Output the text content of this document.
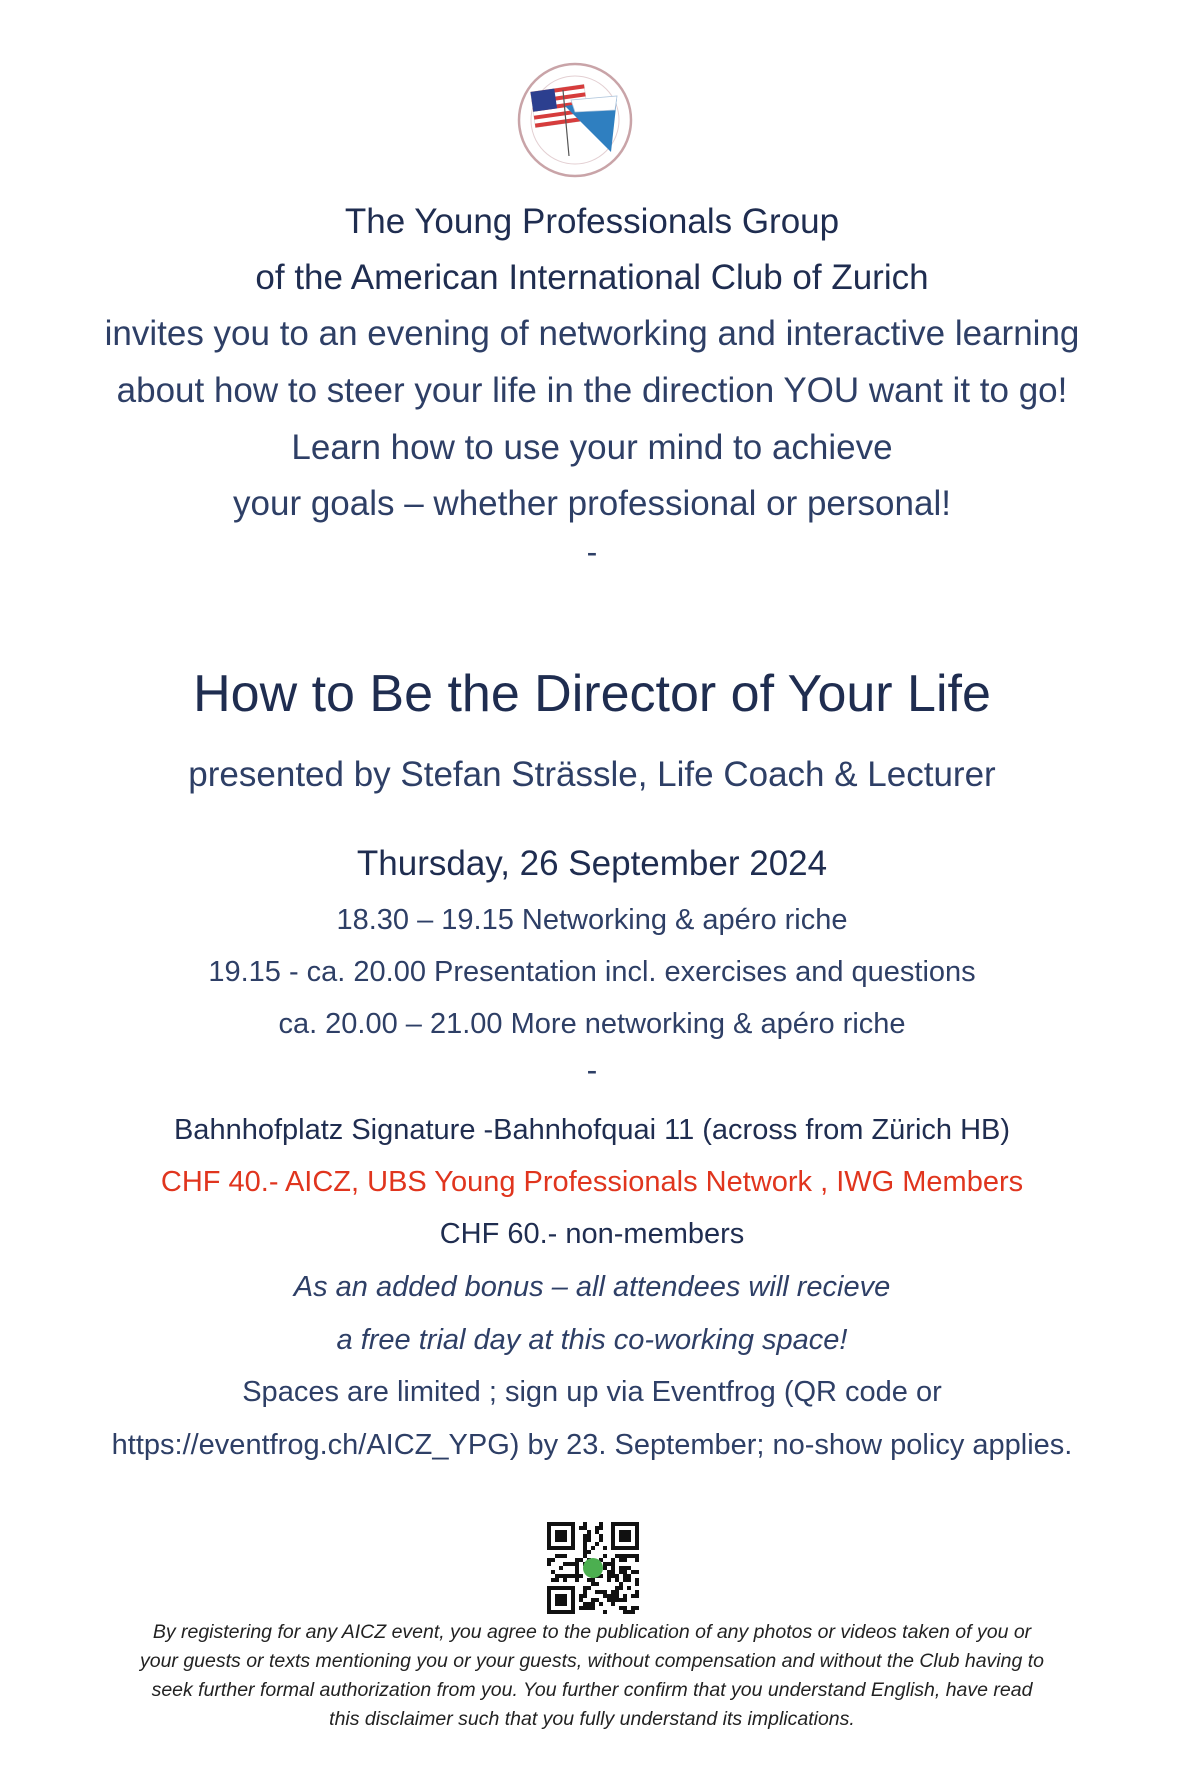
The Young Professionals Group
of the American International Club of Zurich
invites you to an evening of networking and interactive learning
about how to steer your life in the direction YOU want it to go!
Learn how to use your mind to achieve
your goals – whether professional or personal!
-
How to Be the Director of Your Life
presented by Stefan Strässle, Life Coach & Lecturer
Thursday, 26 September 2024
18.30 – 19.15 Networking & apéro riche
19.15 - ca. 20.00 Presentation incl. exercises and questions
ca. 20.00 – 21.00 More networking & apéro riche
-
Bahnhofplatz Signature -Bahnhofquai 11 (across from Zürich HB)
CHF 40.- AICZ, UBS Young Professionals Network , IWG Members
CHF 60.- non-members
As an added bonus – all attendees will recieve
a free trial day at this co-working space!
Spaces are limited ; sign up via Eventfrog (QR code or
https://eventfrog.ch/AICZ_YPG) by 23. September; no-show policy applies.
By registering for any AICZ event, you agree to the publication of any photos or videos taken of you or
your guests or texts mentioning you or your guests, without compensation and without the Club having to
seek further formal authorization from you. You further confirm that you understand English, have read
this disclaimer such that you fully understand its implications.
